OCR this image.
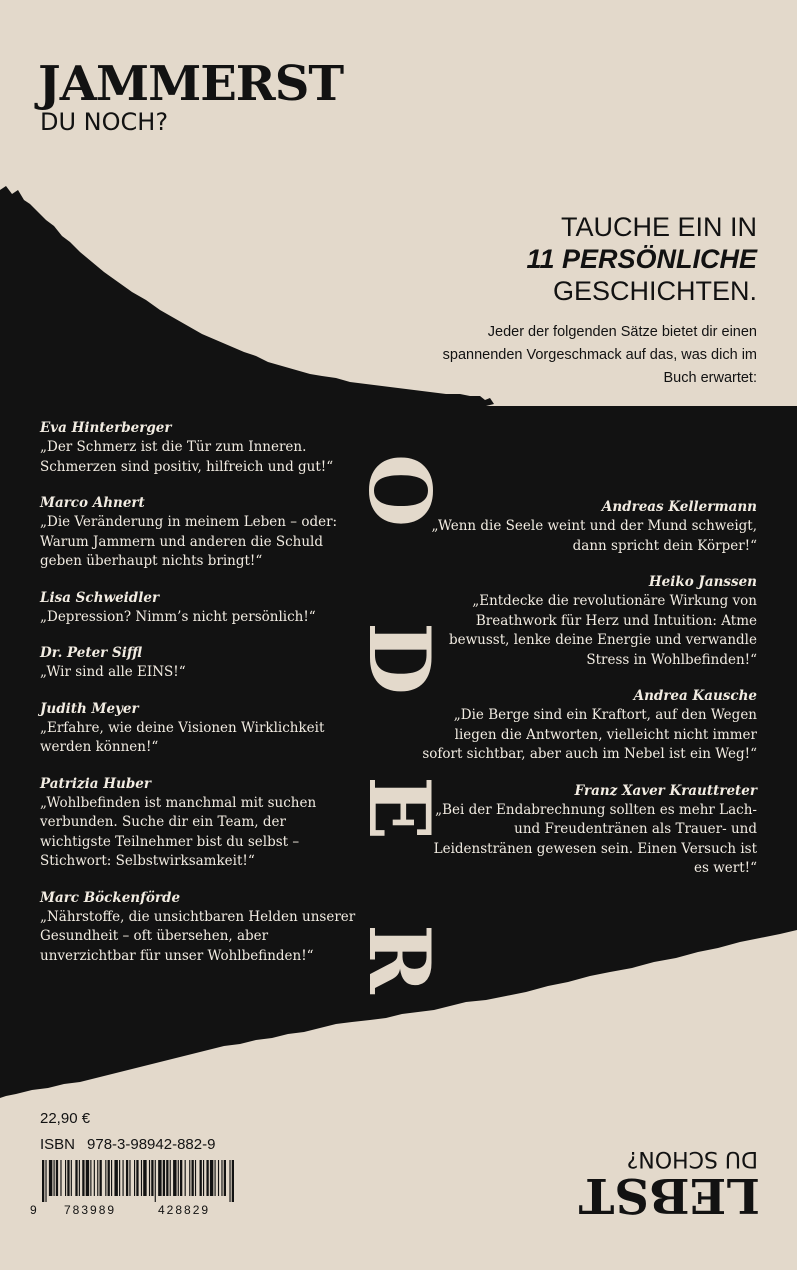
JAMMERST
DU NOCH?
TAUCHE EIN IN
11 PERSÖNLICHE
GESCHICHTEN.
Jeder der folgenden Sätze bietet dir einen spannenden Vorgeschmack auf das, was dich im Buch erwartet:
Eva Hinterberger
„Der Schmerz ist die Tür zum Inneren. Schmerzen sind positiv, hilfreich und gut!“
Marco Ahnert
„Die Veränderung in meinem Leben – oder: Warum Jammern und anderen die Schuld geben überhaupt nichts bringt!“
Lisa Schweidler
„Depression? Nimm’s nicht persönlich!“
Dr. Peter Siffl
„Wir sind alle EINS!“
Judith Meyer
„Erfahre, wie deine Visionen Wirklichkeit werden können!“
Patrizia Huber
„Wohlbefinden ist manchmal mit suchen verbunden. Suche dir ein Team, der wichtigste Teilnehmer bist du selbst – Stichwort: Selbstwirksamkeit!“
Marc Böckenförde
„Nährstoffe, die unsichtbaren Helden unserer Gesundheit – oft übersehen, aber unverzichtbar für unser Wohlbefinden!“
Andreas Kellermann
„Wenn die Seele weint und der Mund schweigt, dann spricht dein Körper!“
Heiko Janssen
„Entdecke die revolutionäre Wirkung von Breathwork für Herz und Intuition: Atme bewusst, lenke deine Energie und verwandle Stress in Wohlbefinden!“
Andrea Kausche
„Die Berge sind ein Kraftort, auf den Wegen liegen die Antworten, vielleicht nicht immer sofort sichtbar, aber auch im Nebel ist ein Weg!“
Franz Xaver Krauttreter
„Bei der Endabrechnung sollten es mehr Lach- und Freudentränen als Trauer- und Leidenstränen gewesen sein. Einen Versuch ist es wert!“
O
D
E
R
22,90 €
ISBN 978-3-98942-882-9
9 783989	428829	LEBST
DU SCHON?
